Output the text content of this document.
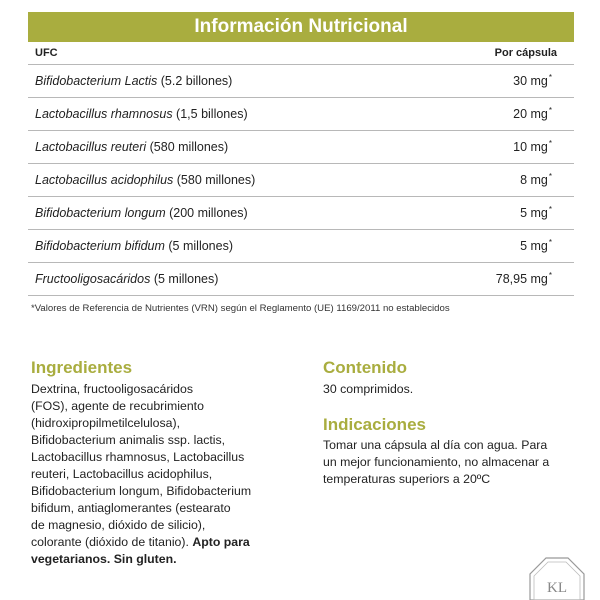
Información Nutricional
UFC	Por cápsula
Bifidobacterium Lactis (5.2 billones)	30 mg*
Lactobacillus rhamnosus (1,5 billones)	20 mg*
Lactobacillus reuteri (580 millones)	10 mg*
Lactobacillus acidophilus (580 millones)	8 mg*
Bifidobacterium longum (200 millones)	5 mg*
Bifidobacterium bifidum (5 millones)	5 mg*
Fructooligosacáridos (5 millones)	78,95 mg*
*Valores de Referencia de Nutrientes (VRN) según el Reglamento (UE) 1169/2011 no establecidos
Ingredientes
Dextrina, fructooligosacáridos
(FOS), agente de recubrimiento
(hidroxipropilmetilcelulosa),
Bifidobacterium animalis ssp. lactis,
Lactobacillus rhamnosus, Lactobacillus
reuteri, Lactobacillus acidophilus,
Bifidobacterium longum, Bifidobacterium
bifidum, antiaglomerantes (estearato
de magnesio, dióxido de silicio),
colorante (dióxido de titanio). Apto para
vegetarianos. Sin gluten.
Contenido
30 comprimidos.
Indicaciones
Tomar una cápsula al día con agua. Para
un mejor funcionamiento, no almacenar a
temperaturas superiors a 20ºC
KL
